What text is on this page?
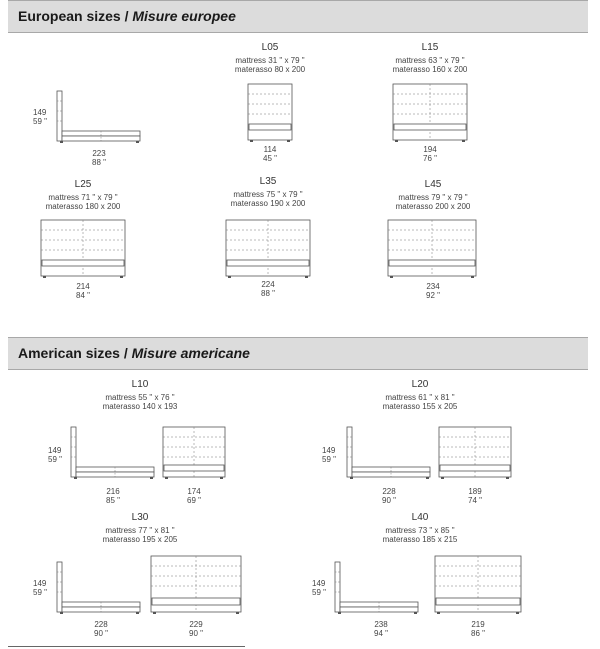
European sizes / Misure europee
American sizes / Misure americane
149
59 "
223
88 "
L05
mattress 31 " x 79 "
materasso 80 x 200
114
45 "
L15
mattress 63 " x 79 "
materasso 160 x 200
194
76 "
L25
mattress 71 " x 79 "
materasso 180 x 200
214
84 "
L35
mattress 75 " x 79 "
materasso 190 x 200
224
88 "
L45
mattress 79 " x 79 "
materasso 200 x 200
234
92 "
L10
mattress 55 " x 76 "
materasso 140 x 193
149
59 "
216
85 "
174
69 "
L20
mattress 61 " x 81 "
materasso 155 x 205
149
59 "
228
90 "
189
74 "
L30
mattress 77 " x 81 "
materasso 195 x 205
149
59 "
228
90 "
229
90 "
L40
mattress 73 " x 85 "
materasso 185 x 215
149
59 "
238
94 "
219
86 "
